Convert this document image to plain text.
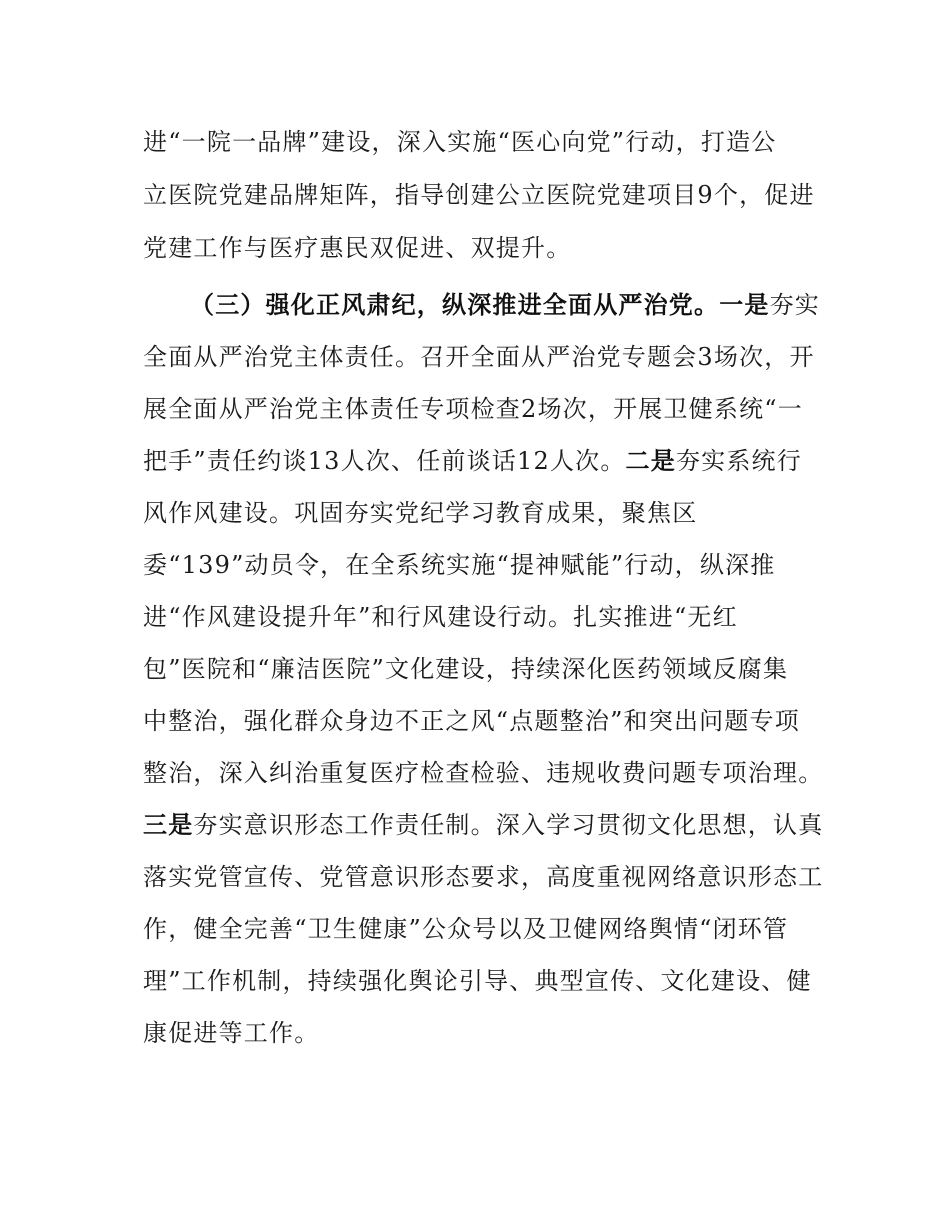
进“一院一品牌”建设，深入实施“医心向党”行动，打造公
立医院党建品牌矩阵，指导创建公立医院党建项目9个，促进
党建工作与医疗惠民双促进、双提升。
（三）强化正风肃纪，纵深推进全面从严治党。一是夯实
全面从严治党主体责任。召开全面从严治党专题会3场次，开
展全面从严治党主体责任专项检查2场次，开展卫健系统“一
把手”责任约谈13人次、任前谈话12人次。二是夯实系统行
风作风建设。巩固夯实党纪学习教育成果，聚焦区
委“139”动员令，在全系统实施“提神赋能”行动，纵深推
进“作风建设提升年”和行风建设行动。扎实推进“无红
包”医院和“廉洁医院”文化建设，持续深化医药领域反腐集
中整治，强化群众身边不正之风“点题整治”和突出问题专项
整治，深入纠治重复医疗检查检验、违规收费问题专项治理。
三是夯实意识形态工作责任制。深入学习贯彻文化思想，认真
落实党管宣传、党管意识形态要求，高度重视网络意识形态工
作，健全完善“卫生健康”公众号以及卫健网络舆情“闭环管
理”工作机制，持续强化舆论引导、典型宣传、文化建设、健
康促进等工作。
